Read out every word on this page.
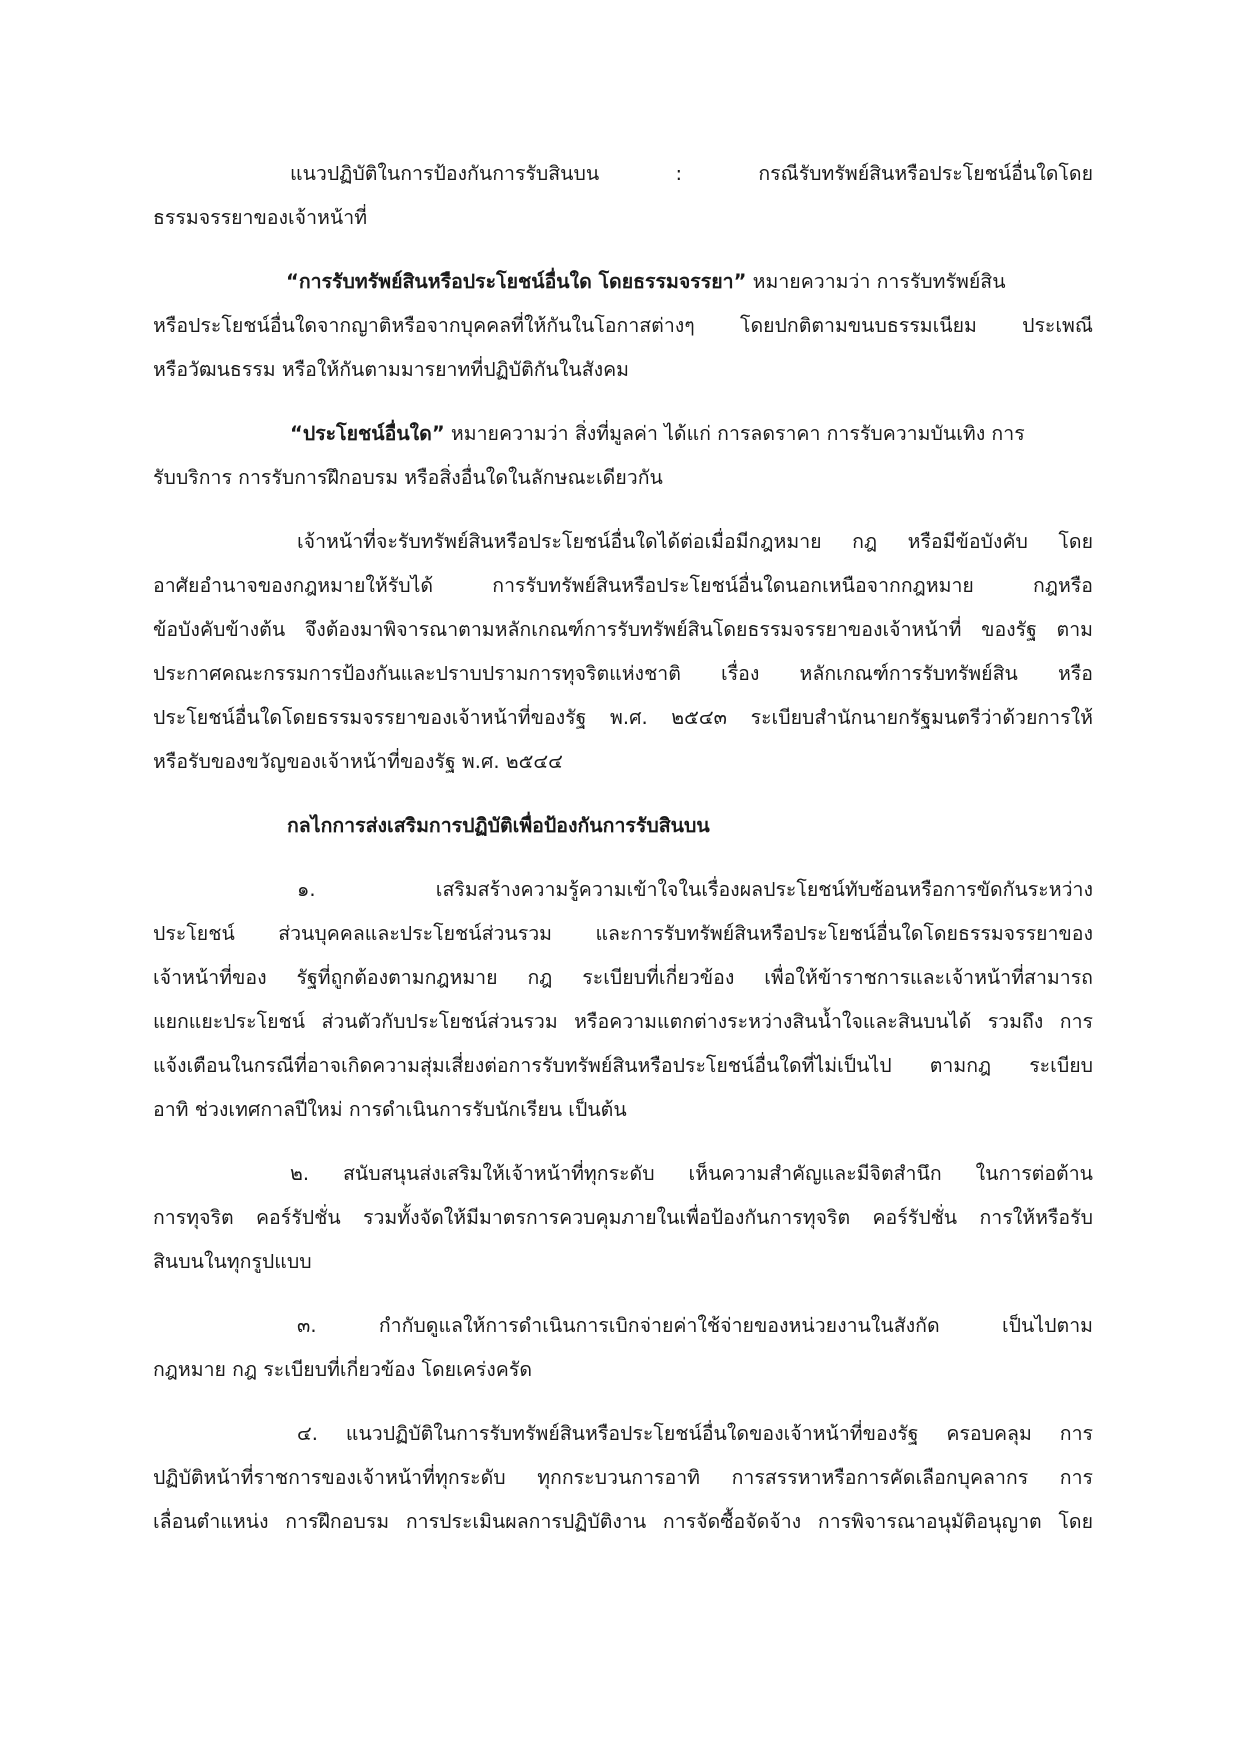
แนวปฏิบัติในการป้องกันการรับสินบน : กรณีรับทรัพย์สินหรือประโยชน์อื่นใดโดย
ธรรมจรรยาของเจ้าหน้าที่
“การรับทรัพย์สินหรือประโยชน์อื่นใด โดยธรรมจรรยา” หมายความว่า การรับทรัพย์สิน
หรือประโยชน์อื่นใดจากญาติหรือจากบุคคลที่ให้กันในโอกาสต่างๆ โดยปกติตามขนบธรรมเนียม ประเพณี
หรือวัฒนธรรม หรือให้กันตามมารยาทที่ปฏิบัติกันในสังคม
“ประโยชน์อื่นใด” หมายความว่า สิ่งที่มูลค่า ได้แก่ การลดราคา การรับความบันเทิง การ
รับบริการ การรับการฝึกอบรม หรือสิ่งอื่นใดในลักษณะเดียวกัน
เจ้าหน้าที่จะรับทรัพย์สินหรือประโยชน์อื่นใดได้ต่อเมื่อมีกฎหมาย กฎ หรือมีข้อบังคับ โดย
อาศัยอำนาจของกฎหมายให้รับได้ การรับทรัพย์สินหรือประโยชน์อื่นใดนอกเหนือจากกฎหมาย กฎหรือ
ข้อบังคับข้างต้น จึงต้องมาพิจารณาตามหลักเกณฑ์การรับทรัพย์สินโดยธรรมจรรยาของเจ้าหน้าที่ ของรัฐ ตาม
ประกาศคณะกรรมการป้องกันและปราบปรามการทุจริตแห่งชาติ เรื่อง หลักเกณฑ์การรับทรัพย์สิน หรือ
ประโยชน์อื่นใดโดยธรรมจรรยาของเจ้าหน้าที่ของรัฐ พ.ศ. ๒๕๔๓ ระเบียบสำนักนายกรัฐมนตรีว่าด้วยการให้
หรือรับของขวัญของเจ้าหน้าที่ของรัฐ พ.ศ. ๒๕๔๔
กลไกการส่งเสริมการปฏิบัติเพื่อป้องกันการรับสินบน
๑. เสริมสร้างความรู้ความเข้าใจในเรื่องผลประโยชน์ทับซ้อนหรือการขัดกันระหว่าง
ประโยชน์ ส่วนบุคคลและประโยชน์ส่วนรวม และการรับทรัพย์สินหรือประโยชน์อื่นใดโดยธรรมจรรยาของ
เจ้าหน้าที่ของ รัฐที่ถูกต้องตามกฎหมาย กฎ ระเบียบที่เกี่ยวข้อง เพื่อให้ข้าราชการและเจ้าหน้าที่สามารถ
แยกแยะประโยชน์ ส่วนตัวกับประโยชน์ส่วนรวม หรือความแตกต่างระหว่างสินน้ำใจและสินบนได้ รวมถึง การ
แจ้งเตือนในกรณีที่อาจเกิดความสุ่มเสี่ยงต่อการรับทรัพย์สินหรือประโยชน์อื่นใดที่ไม่เป็นไป ตามกฎ ระเบียบ
อาทิ ช่วงเทศกาลปีใหม่ การดำเนินการรับนักเรียน เป็นต้น
๒. สนับสนุนส่งเสริมให้เจ้าหน้าที่ทุกระดับ เห็นความสำคัญและมีจิตสำนึก ในการต่อต้าน
การทุจริต คอร์รัปชั่น รวมทั้งจัดให้มีมาตรการควบคุมภายในเพื่อป้องกันการทุจริต คอร์รัปชั่น การให้หรือรับ
สินบนในทุกรูปแบบ
๓. กำกับดูแลให้การดำเนินการเบิกจ่ายค่าใช้จ่ายของหน่วยงานในสังกัด เป็นไปตาม
กฎหมาย กฎ ระเบียบที่เกี่ยวข้อง โดยเคร่งครัด
๔. แนวปฏิบัติในการรับทรัพย์สินหรือประโยชน์อื่นใดของเจ้าหน้าที่ของรัฐ ครอบคลุม การ
ปฏิบัติหน้าที่ราชการของเจ้าหน้าที่ทุกระดับ ทุกกระบวนการอาทิ การสรรหาหรือการคัดเลือกบุคลากร การ
เลื่อนตำแหน่ง การฝึกอบรม การประเมินผลการปฏิบัติงาน การจัดซื้อจัดจ้าง การพิจารณาอนุมัติอนุญาต โดย
